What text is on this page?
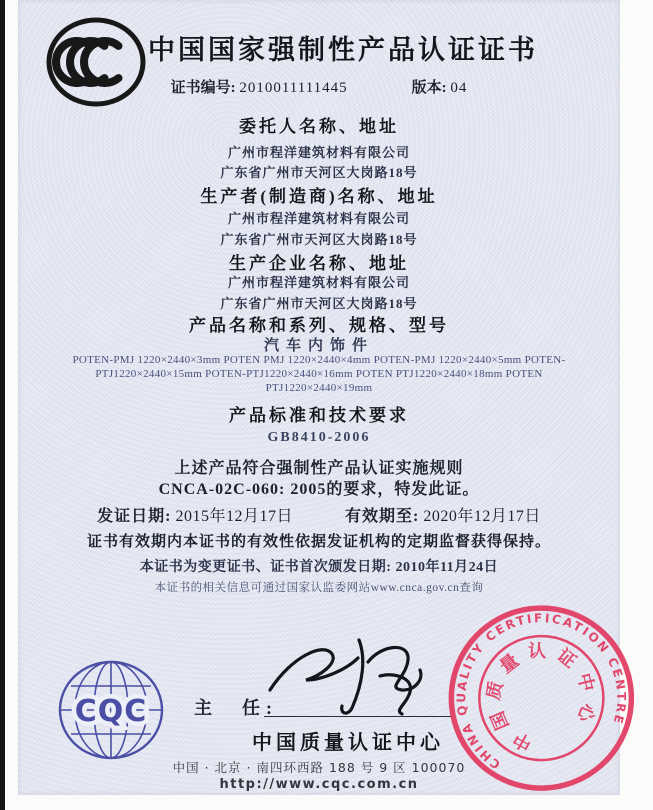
中国国家强制性产品认证证书
证书编号: 2010011111445	版本: 04
委托人名称、地址
广州市程洋建筑材料有限公司
广东省广州市天河区大岗路18号
生产者(制造商)名称、地址
广州市程洋建筑材料有限公司
广东省广州市天河区大岗路18号
生产企业名称、地址
广州市程洋建筑材料有限公司
广东省广州市天河区大岗路18号
产品名称和系列、规格、型号
汽车内饰件
POTEN-PMJ 1220×2440×3mm POTEN PMJ 1220×2440×4mm POTEN-PMJ 1220×2440×5mm POTEN-PTJ1220×2440×15mm POTEN-PTJ1220×2440×16mm POTEN PTJ1220×2440×18mm POTEN PTJ1220×2440×19mm
产品标准和技术要求
GB8410-2006
上述产品符合强制性产品认证实施规则
CNCA-02C-060: 2005的要求，特发此证。
发证日期: 2015年12月17日	有效期至: 2020年12月17日
证书有效期内本证书的有效性依据发证机构的定期监督获得保持。
本证书为变更证书、证书首次颁发日期: 2010年11月24日
本证书的相关信息可通过国家认监委网站www.cnca.gov.cn查询
CQC	主　任:
中国质量认证中心
CHINA QUALITY CERTIFICATION CENTRE
中国质量认证中心
中国 · 北京 · 南四环西路 188 号 9 区 100070
http://www.cqc.com.cn
